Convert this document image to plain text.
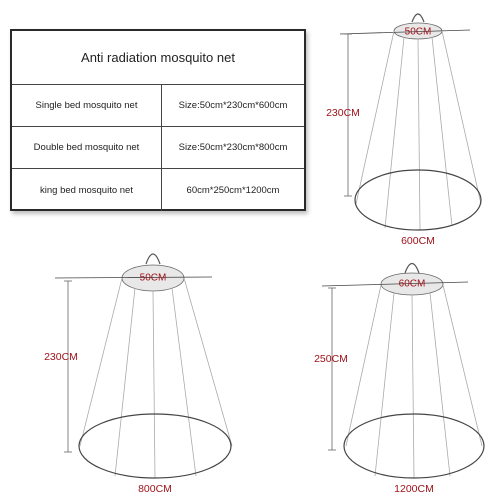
Anti radiation mosquito net
Single bed mosquito net	Size:50cm*230cm*600cm
Double bed mosquito net	Size:50cm*230cm*800cm
king bed mosquito net	60cm*250cm*1200cm
50CM
230CM
600CM
50CM
230CM
800CM
60CM
250CM
1200CM
